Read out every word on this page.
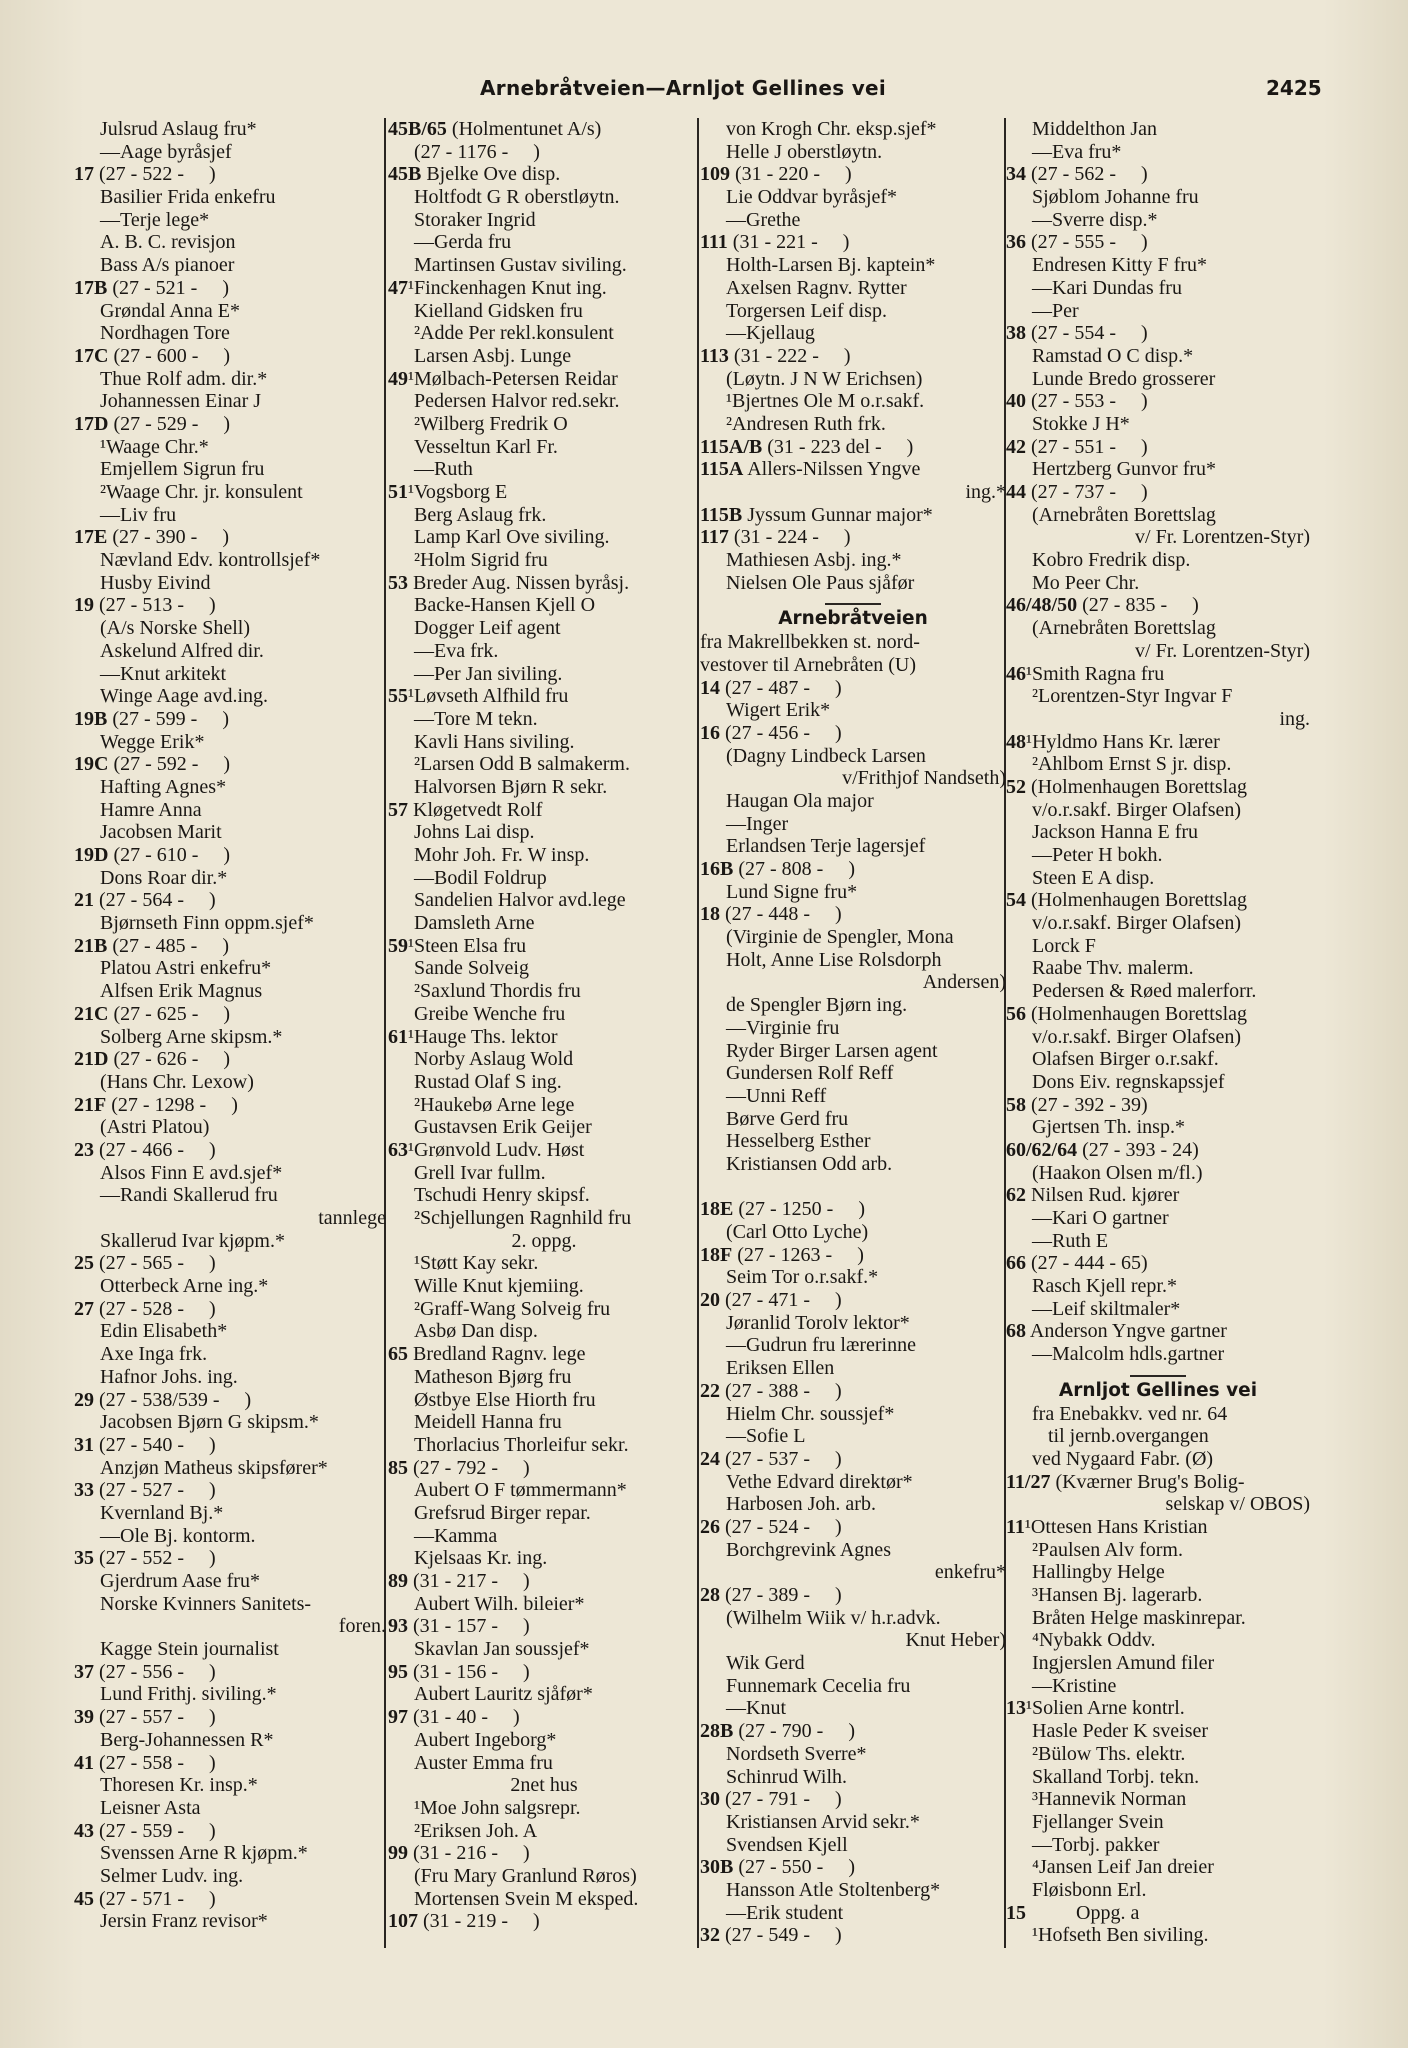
Arnebråtveien—Arnljot Gellines vei	2425
Julsrud Aslaug fru*
—Aage byråsjef
17 (27 - 522 -     )
Basilier Frida enkefru
—Terje lege*
A. B. C. revisjon
Bass A/s pianoer
17B (27 - 521 -     )
Grøndal Anna E*
Nordhagen Tore
17C (27 - 600 -     )
Thue Rolf adm. dir.*
Johannessen Einar J
17D (27 - 529 -     )
¹Waage Chr.*
Emjellem Sigrun fru
²Waage Chr. jr. konsulent
—Liv fru
17E (27 - 390 -     )
Nævland Edv. kontrollsjef*
Husby Eivind
19 (27 - 513 -     )
(A/s Norske Shell)
Askelund Alfred dir.
—Knut arkitekt
Winge Aage avd.ing.
19B (27 - 599 -     )
Wegge Erik*
19C (27 - 592 -     )
Hafting Agnes*
Hamre Anna
Jacobsen Marit
19D (27 - 610 -     )
Dons Roar dir.*
21 (27 - 564 -     )
Bjørnseth Finn oppm.sjef*
21B (27 - 485 -     )
Platou Astri enkefru*
Alfsen Erik Magnus
21C (27 - 625 -     )
Solberg Arne skipsm.*
21D (27 - 626 -     )
(Hans Chr. Lexow)
21F (27 - 1298 -     )
(Astri Platou)
23 (27 - 466 -     )
Alsos Finn E avd.sjef*
—Randi Skallerud fru
tannlege
Skallerud Ivar kjøpm.*
25 (27 - 565 -     )
Otterbeck Arne ing.*
27 (27 - 528 -     )
Edin Elisabeth*
Axe Inga frk.
Hafnor Johs. ing.
29 (27 - 538/539 -     )
Jacobsen Bjørn G skipsm.*
31 (27 - 540 -     )
Anzjøn Matheus skipsfører*
33 (27 - 527 -     )
Kvernland Bj.*
—Ole Bj. kontorm.
35 (27 - 552 -     )
Gjerdrum Aase fru*
Norske Kvinners Sanitets-
foren.
Kagge Stein journalist
37 (27 - 556 -     )
Lund Frithj. siviling.*
39 (27 - 557 -     )
Berg-Johannessen R*
41 (27 - 558 -     )
Thoresen Kr. insp.*
Leisner Asta
43 (27 - 559 -     )
Svenssen Arne R kjøpm.*
Selmer Ludv. ing.
45 (27 - 571 -     )
Jersin Franz revisor*
45B/65 (Holmentunet A/s)
(27 - 1176 -     )
45B Bjelke Ove disp.
Holtfodt G R oberstløytn.
Storaker Ingrid
—Gerda fru
Martinsen Gustav siviling.
47¹Finckenhagen Knut ing.
Kielland Gidsken fru
²Adde Per rekl.konsulent
Larsen Asbj. Lunge
49¹Mølbach-Petersen Reidar
Pedersen Halvor red.sekr.
²Wilberg Fredrik O
Vesseltun Karl Fr.
—Ruth
51¹Vogsborg E
Berg Aslaug frk.
Lamp Karl Ove siviling.
²Holm Sigrid fru
53 Breder Aug. Nissen byråsj.
Backe-Hansen Kjell O
Dogger Leif agent
—Eva frk.
—Per Jan siviling.
55¹Løvseth Alfhild fru
—Tore M tekn.
Kavli Hans siviling.
²Larsen Odd B salmakerm.
Halvorsen Bjørn R sekr.
57 Kløgetvedt Rolf
Johns Lai disp.
Mohr Joh. Fr. W insp.
—Bodil Foldrup
Sandelien Halvor avd.lege
Damsleth Arne
59¹Steen Elsa fru
Sande Solveig
²Saxlund Thordis fru
Greibe Wenche fru
61¹Hauge Ths. lektor
Norby Aslaug Wold
Rustad Olaf S ing.
²Haukebø Arne lege
Gustavsen Erik Geijer
63¹Grønvold Ludv. Høst
Grell Ivar fullm.
Tschudi Henry skipsf.
²Schjellungen Ragnhild fru
2. oppg.
¹Støtt Kay sekr.
Wille Knut kjemiing.
²Graff-Wang Solveig fru
Asbø Dan disp.
65 Bredland Ragnv. lege
Matheson Bjørg fru
Østbye Else Hiorth fru
Meidell Hanna fru
Thorlacius Thorleifur sekr.
85 (27 - 792 -     )
Aubert O F tømmermann*
Grefsrud Birger repar.
—Kamma
Kjelsaas Kr. ing.
89 (31 - 217 -     )
Aubert Wilh. bileier*
93 (31 - 157 -     )
Skavlan Jan soussjef*
95 (31 - 156 -     )
Aubert Lauritz sjåfør*
97 (31 - 40 -     )
Aubert Ingeborg*
Auster Emma fru
2net hus
¹Moe John salgsrepr.
²Eriksen Joh. A
99 (31 - 216 -     )
(Fru Mary Granlund Røros)
Mortensen Svein M eksped.
107 (31 - 219 -     )
von Krogh Chr. eksp.sjef*
Helle J oberstløytn.
109 (31 - 220 -     )
Lie Oddvar byråsjef*
—Grethe
111 (31 - 221 -     )
Holth-Larsen Bj. kaptein*
Axelsen Ragnv. Rytter
Torgersen Leif disp.
—Kjellaug
113 (31 - 222 -     )
(Løytn. J N W Erichsen)
¹Bjertnes Ole M o.r.sakf.
²Andresen Ruth frk.
115A/B (31 - 223 del -     )
115A Allers-Nilssen Yngve
ing.*
115B Jyssum Gunnar major*
117 (31 - 224 -     )
Mathiesen Asbj. ing.*
Nielsen Ole Paus sjåfør
Arnebråtveien
fra Makrellbekken st. nord-
vestover til Arnebråten (U)
14 (27 - 487 -     )
Wigert Erik*
16 (27 - 456 -     )
(Dagny Lindbeck Larsen
v/Frithjof Nandseth)
Haugan Ola major
—Inger
Erlandsen Terje lagersjef
16B (27 - 808 -     )
Lund Signe fru*
18 (27 - 448 -     )
(Virginie de Spengler, Mona
Holt, Anne Lise Rolsdorph
Andersen)
de Spengler Bjørn ing.
—Virginie fru
Ryder Birger Larsen agent
Gundersen Rolf Reff
—Unni Reff
Børve Gerd fru
Hesselberg Esther
Kristiansen Odd arb.
18E (27 - 1250 -     )
(Carl Otto Lyche)
18F (27 - 1263 -     )
Seim Tor o.r.sakf.*
20 (27 - 471 -     )
Jøranlid Torolv lektor*
—Gudrun fru lærerinne
Eriksen Ellen
22 (27 - 388 -     )
Hielm Chr. soussjef*
—Sofie L
24 (27 - 537 -     )
Vethe Edvard direktør*
Harbosen Joh. arb.
26 (27 - 524 -     )
Borchgrevink Agnes
enkefru*
28 (27 - 389 -     )
(Wilhelm Wiik v/ h.r.advk.
Knut Heber)
Wik Gerd
Funnemark Cecelia fru
—Knut
28B (27 - 790 -     )
Nordseth Sverre*
Schinrud Wilh.
30 (27 - 791 -     )
Kristiansen Arvid sekr.*
Svendsen Kjell
30B (27 - 550 -     )
Hansson Atle Stoltenberg*
—Erik student
32 (27 - 549 -     )
Middelthon Jan
—Eva fru*
34 (27 - 562 -     )
Sjøblom Johanne fru
—Sverre disp.*
36 (27 - 555 -     )
Endresen Kitty F fru*
—Kari Dundas fru
—Per
38 (27 - 554 -     )
Ramstad O C disp.*
Lunde Bredo grosserer
40 (27 - 553 -     )
Stokke J H*
42 (27 - 551 -     )
Hertzberg Gunvor fru*
44 (27 - 737 -     )
(Arnebråten Borettslag
v/ Fr. Lorentzen-Styr)
Kobro Fredrik disp.
Mo Peer Chr.
46/48/50 (27 - 835 -     )
(Arnebråten Borettslag
v/ Fr. Lorentzen-Styr)
46¹Smith Ragna fru
²Lorentzen-Styr Ingvar F
ing.
48¹Hyldmo Hans Kr. lærer
²Ahlbom Ernst S jr. disp.
52 (Holmenhaugen Borettslag
v/o.r.sakf. Birger Olafsen)
Jackson Hanna E fru
—Peter H bokh.
Steen E A disp.
54 (Holmenhaugen Borettslag
v/o.r.sakf. Birger Olafsen)
Lorck F
Raabe Thv. malerm.
Pedersen & Røed malerforr.
56 (Holmenhaugen Borettslag
v/o.r.sakf. Birger Olafsen)
Olafsen Birger o.r.sakf.
Dons Eiv. regnskapssjef
58 (27 - 392 - 39)
Gjertsen Th. insp.*
60/62/64 (27 - 393 - 24)
(Haakon Olsen m/fl.)
62 Nilsen Rud. kjører
—Kari O gartner
—Ruth E
66 (27 - 444 - 65)
Rasch Kjell repr.*
—Leif skiltmaler*
68 Anderson Yngve gartner
—Malcolm hdls.gartner
Arnljot Gellines vei
fra Enebakkv. ved nr. 64
til jernb.overgangen
ved Nygaard Fabr. (Ø)
11/27 (Kværner Brug's Bolig-
selskap v/ OBOS)
11¹Ottesen Hans Kristian
²Paulsen Alv form.
Hallingby Helge
³Hansen Bj. lagerarb.
Bråten Helge maskinrepar.
⁴Nybakk Oddv.
Ingjerslen Amund filer
—Kristine
13¹Solien Arne kontrl.
Hasle Peder K sveiser
²Bülow Ths. elektr.
Skalland Torbj. tekn.
³Hannevik Norman
Fjellanger Svein
—Torbj. pakker
⁴Jansen Leif Jan dreier
Fløisbonn Erl.
15          Oppg. a
¹Hofseth Ben siviling.
